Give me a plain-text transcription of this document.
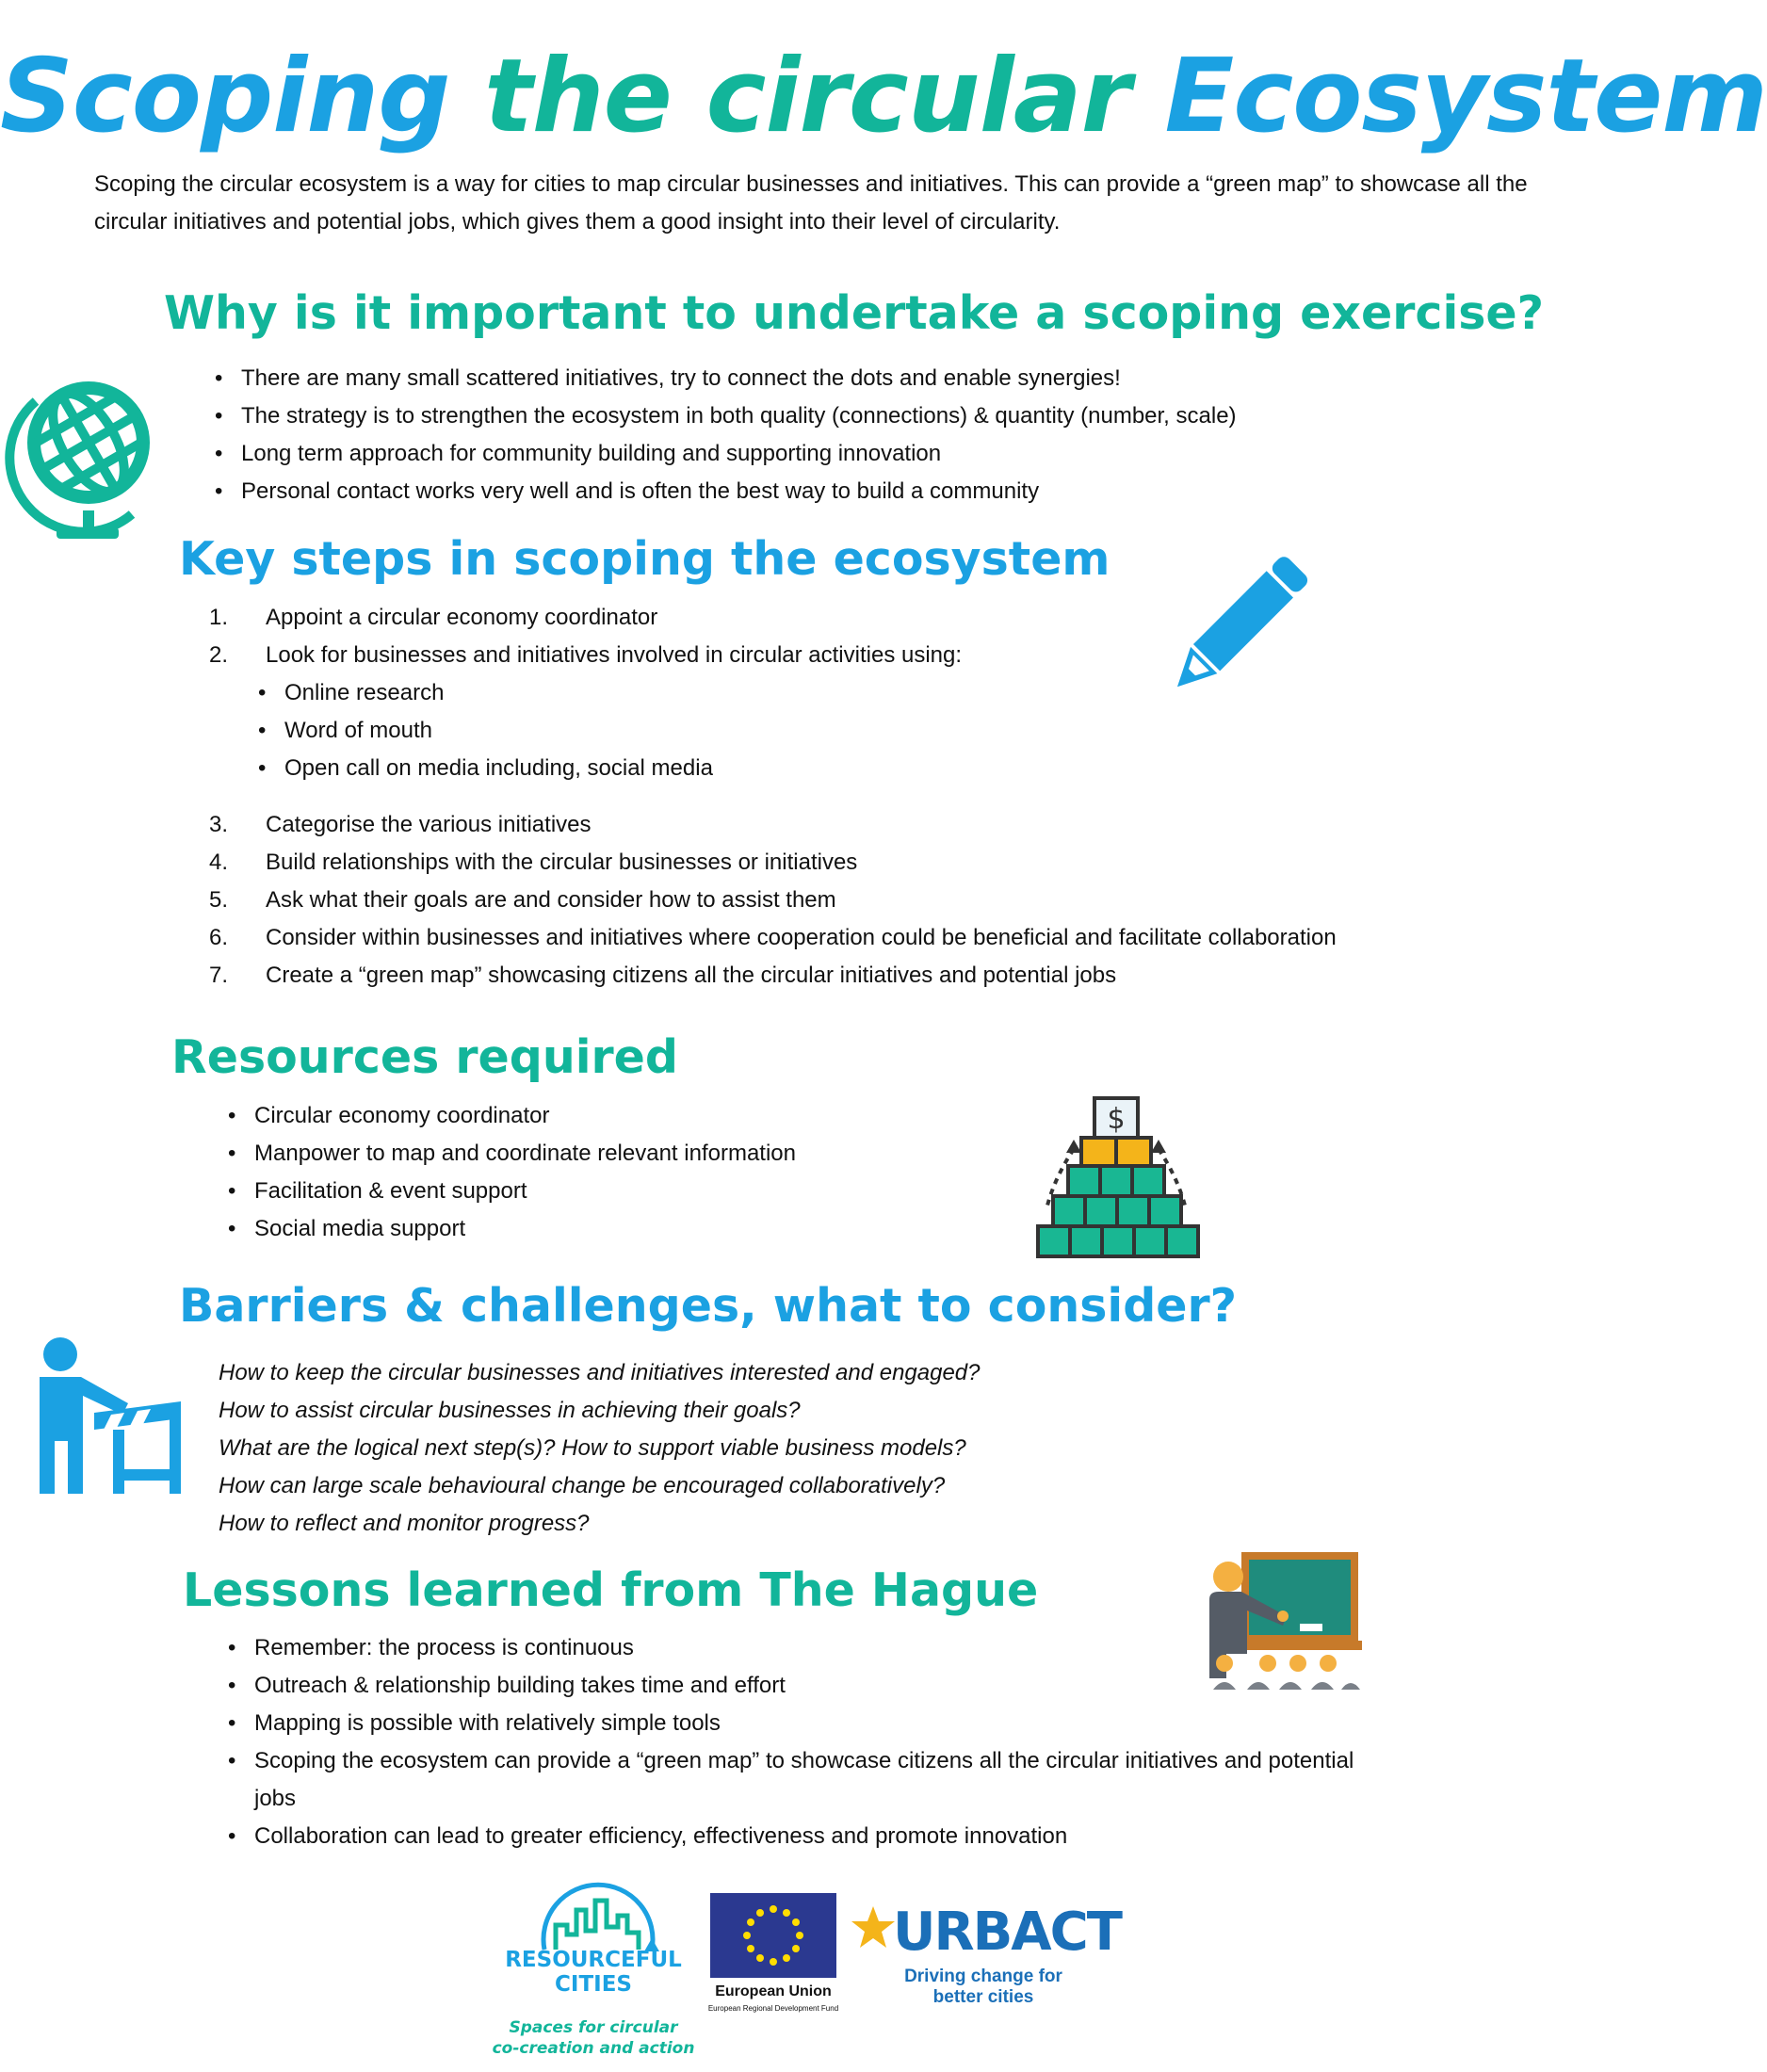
Scoping the circular Ecosystem
Scoping the circular ecosystem is a way for cities to map circular businesses and initiatives. This can provide a “green map” to showcase all the circular initiatives and potential jobs, which gives them a good insight into their level of circularity.
Why is it important to undertake a scoping exercise?
• There are many small scattered initiatives, try to connect the dots and enable synergies!
• The strategy is to strengthen the ecosystem in both quality (connections) & quantity (number, scale)
• Long term approach for community building and supporting innovation
• Personal contact works very well and is often the best way to build a community
Key steps in scoping the ecosystem
1. Appoint a circular economy coordinator
2. Look for businesses and initiatives involved in circular activities using:
• Online research
• Word of mouth
• Open call on media including, social media
3. Categorise the various initiatives
4. Build relationships with the circular businesses or initiatives
5. Ask what their goals are and consider how to assist them
6. Consider within businesses and initiatives where cooperation could be beneficial and facilitate collaboration
7. Create a “green map” showcasing citizens all the circular initiatives and potential jobs
Resources required
• Circular economy coordinator
• Manpower to map and coordinate relevant information
• Facilitation & event support
• Social media support
$
Barriers & challenges, what to consider?
How to keep the circular businesses and initiatives interested and engaged?
How to assist circular businesses in achieving their goals?
What are the logical next step(s)? How to support viable business models?
How can large scale behavioural change be encouraged collaboratively?
How to reflect and monitor progress?
Lessons learned from The Hague
• Remember: the process is continuous
• Outreach & relationship building takes time and effort
• Mapping is possible with relatively simple tools
• Scoping the ecosystem can provide a “green map” to showcase citizens all the circular initiatives and potential jobs
• Collaboration can lead to greater efficiency, effectiveness and promote innovation
RESOURCEFUL
CITIES
Spaces for circular
co-creation and action
European Union
European Regional Development Fund
URBACT
Driving change for
better cities
